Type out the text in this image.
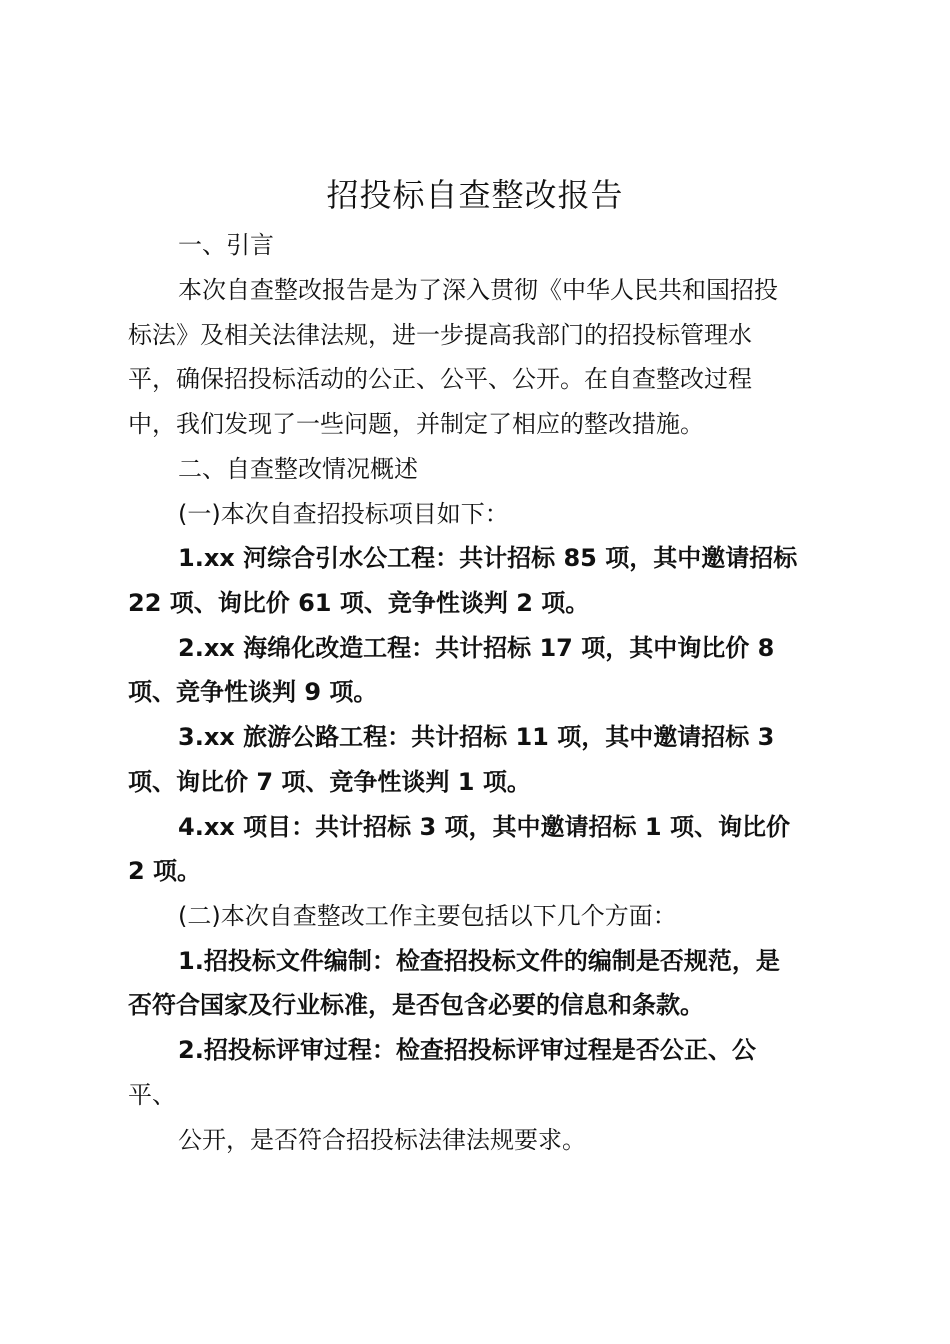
招投标自查整改报告

一、引言

本次自查整改报告是为了深入贯彻《中华人民共和国招投

标法》及相关法律法规，进一步提高我部门的招投标管理水

平，确保招投标活动的公正、公平、公开。在自查整改过程

中，我们发现了一些问题，并制定了相应的整改措施。

二、自查整改情况概述

(一)本次自查招投标项目如下：

1.xx 河综合引水公工程：共计招标 85 项，其中邀请招标

22 项、询比价 61 项、竞争性谈判 2 项。

2.xx 海绵化改造工程：共计招标 17 项，其中询比价 8

项、竞争性谈判 9 项。

3.xx 旅游公路工程：共计招标 11 项，其中邀请招标 3

项、询比价 7 项、竞争性谈判 1 项。

4.xx 项目：共计招标 3 项，其中邀请招标 1 项、询比价

2 项。

(二)本次自查整改工作主要包括以下几个方面：

1.招投标文件编制：检查招投标文件的编制是否规范，是

否符合国家及行业标准，是否包含必要的信息和条款。

2.招投标评审过程：检查招投标评审过程是否公正、公

平、

公开，是否符合招投标法律法规要求。
